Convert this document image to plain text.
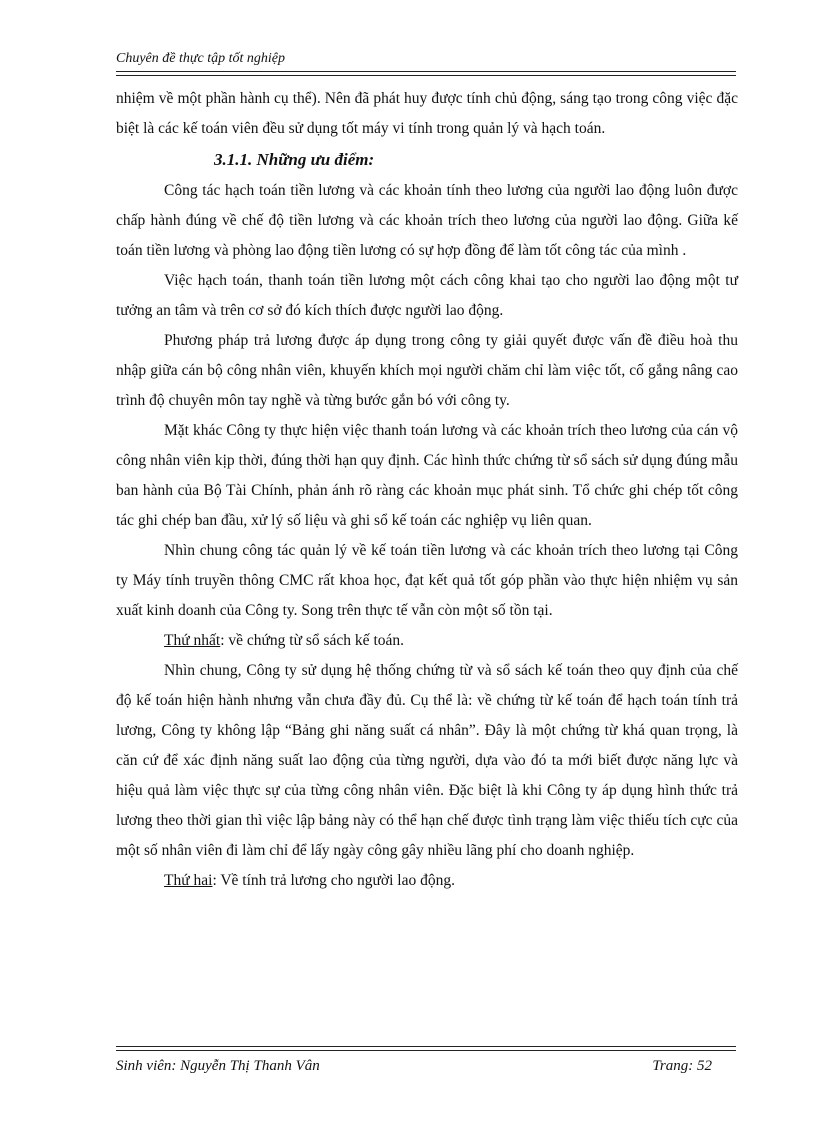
Chuyên đề thực tập tốt nghiệp

nhiệm về một phần hành cụ thể). Nên đã phát huy được tính chủ động, sáng tạo trong công việc đặc biệt là các kế toán viên đều sử dụng tốt máy vi tính trong quản lý và hạch toán.

3.1.1. Những ưu điểm:

Công tác hạch toán tiền lương và các khoản tính theo lương của người lao động luôn được chấp hành đúng về chế độ tiền lương và các khoản trích theo lương của người lao động. Giữa kế toán tiền lương và phòng lao động tiền lương có sự hợp đồng để làm tốt công tác của mình .

Việc hạch toán, thanh toán tiền lương một cách công khai tạo cho người lao động một tư tưởng an tâm và trên cơ sở đó kích thích được người lao động.

Phương pháp trả lương được áp dụng trong công ty giải quyết được vấn đề điều hoà thu nhập giữa cán bộ công nhân viên, khuyến khích mọi người chăm chỉ làm việc tốt, cố gắng nâng cao trình độ chuyên môn tay nghề và từng bước gắn bó với công ty.

Mặt khác Công ty thực hiện việc thanh toán lương và các khoản trích theo lương của cán vộ công nhân viên kịp thời, đúng thời hạn quy định. Các hình thức chứng từ sổ sách sử dụng đúng mẫu ban hành của Bộ Tài Chính, phản ánh rõ ràng các khoản mục phát sinh. Tổ chức ghi chép tốt công tác ghi chép ban đầu, xử lý số liệu và ghi sổ kế toán các nghiệp vụ liên quan.

Nhìn chung công tác quản lý về kế toán tiền lương và các khoản trích theo lương tại Công ty Máy tính truyền thông CMC rất khoa học, đạt kết quả tốt góp phần vào thực hiện nhiệm vụ sản xuất kinh doanh của Công ty. Song trên thực tế vẫn còn một số tồn tại.

Thứ nhất: về chứng từ sổ sách kế toán.

Nhìn chung, Công ty sử dụng hệ thống chứng từ và sổ sách kế toán theo quy định của chế độ kế toán hiện hành nhưng vẫn chưa đầy đủ. Cụ thể là: về chứng từ kế toán để hạch toán tính trả lương, Công ty không lập “Bảng ghi năng suất cá nhân”. Đây là một chứng từ khá quan trọng, là căn cứ để xác định năng suất lao động của từng người, dựa vào đó ta mới biết được năng lực và hiệu quả làm việc thực sự của từng công nhân viên. Đặc biệt là khi Công ty áp dụng hình thức trả lương theo thời gian thì việc lập bảng này có thể hạn chế được tình trạng làm việc thiếu tích cực của một số nhân viên đi làm chỉ để lấy ngày công gây nhiều lãng phí cho doanh nghiệp.

Thứ hai: Về tính trả lương cho người lao động.

Sinh viên: Nguyễn Thị Thanh Vân	Trang: 52
